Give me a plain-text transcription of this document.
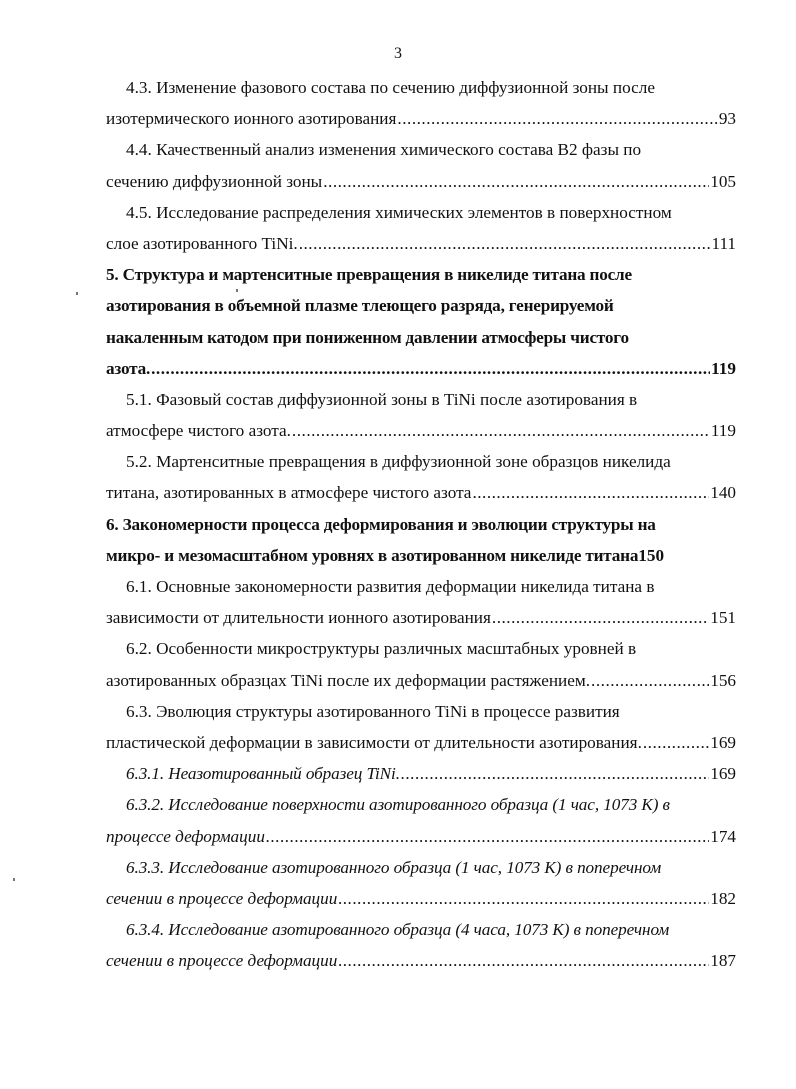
3
4.3. Изменение фазового состава по сечению диффузионной зоны после
изотермического ионного азотирования .....	93
4.4. Качественный анализ изменения химического состава В2 фазы по
сечению диффузионной зоны .....	105
4.5. Исследование распределения химических элементов в поверхностном
слое азотированного TiNi. .....	111
5. Структура и мартенситные превращения в никелиде титана после
азотирования в объемной плазме тлеющего разряда, генерируемой
накаленным катодом при пониженном давлении атмосферы чистого
азота. .....	119
5.1. Фазовый состав диффузионной зоны в TiNi после азотирования в
атмосфере чистого азота. .....	119
5.2. Мартенситные превращения в диффузионной зоне образцов никелида
титана, азотированных в атмосфере чистого азота .....	140
6. Закономерности процесса деформирования и эволюции структуры на
микро- и мезомасштабном уровнях в азотированном никелиде титана 150
6.1. Основные закономерности развития деформации никелида титана в
зависимости от длительности ионного азотирования .....	151
6.2. Особенности микроструктуры различных масштабных уровней в
азотированных образцах TiNi после их деформации растяжением. .....	156
6.3. Эволюция структуры азотированного TiNi в процессе развития
пластической деформации в зависимости от длительности азотирования. .....	169
6.3.1. Неазотированный образец TiNi. .....	169
6.3.2. Исследование поверхности азотированного образца (1 час, 1073 К) в
процессе деформации .....	174
6.3.3. Исследование азотированного образца (1 час, 1073 К) в поперечном
сечении в процессе деформации .....	182
6.3.4. Исследование азотированного образца (4 часа, 1073 К) в поперечном
сечении в процессе деформации .....	187
